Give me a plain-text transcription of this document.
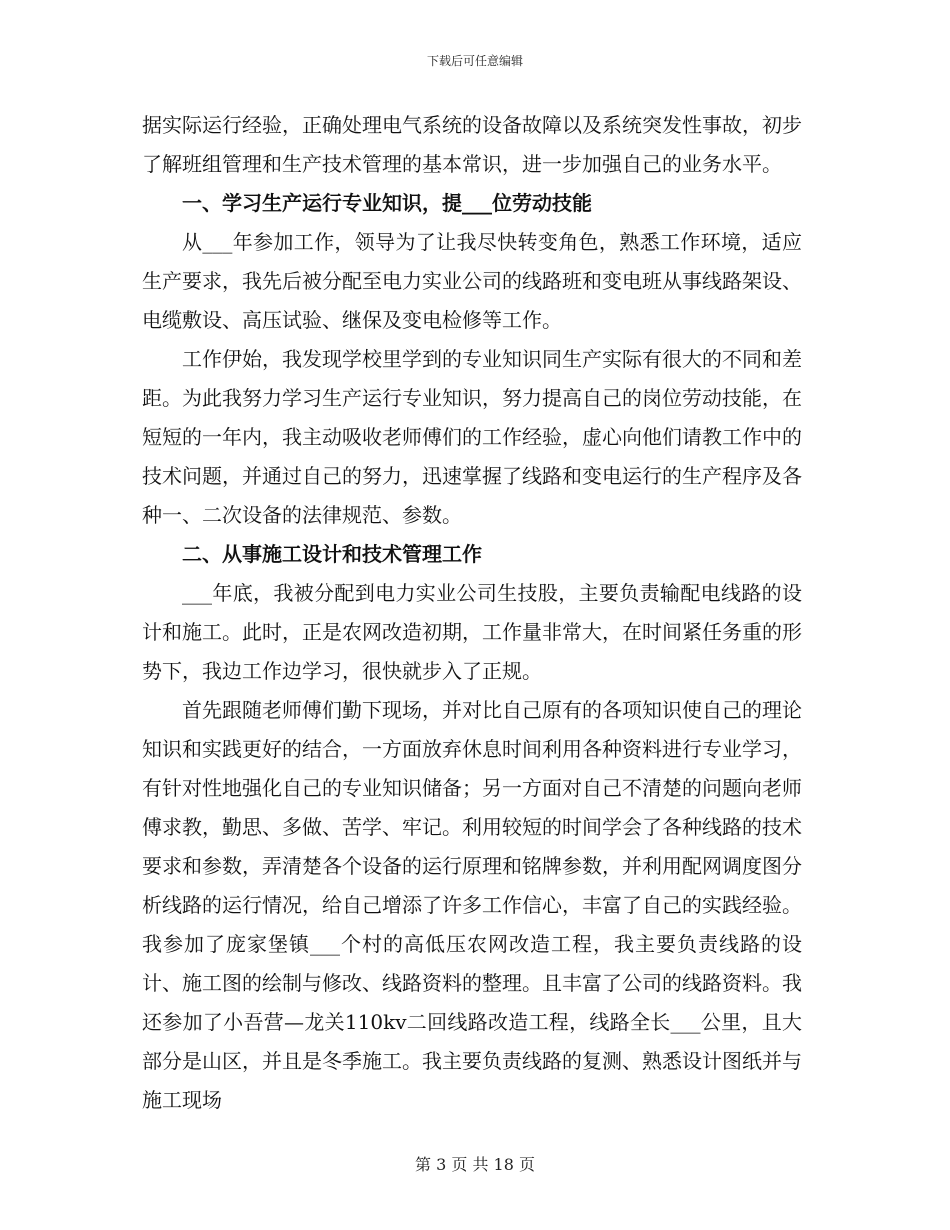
下载后可任意编辑

据实际运行经验，正确处理电气系统的设备故障以及系统突发性事故，初步了解班组管理和生产技术管理的基本常识，进一步加强自己的业务水平。

一、学习生产运行专业知识，提___位劳动技能

从___年参加工作，领导为了让我尽快转变角色，熟悉工作环境，适应生产要求，我先后被分配至电力实业公司的线路班和变电班从事线路架设、电缆敷设、高压试验、继保及变电检修等工作。

工作伊始，我发现学校里学到的专业知识同生产实际有很大的不同和差距。为此我努力学习生产运行专业知识，努力提高自己的岗位劳动技能，在短短的一年内，我主动吸收老师傅们的工作经验，虚心向他们请教工作中的技术问题，并通过自己的努力，迅速掌握了线路和变电运行的生产程序及各种一、二次设备的法律规范、参数。

二、从事施工设计和技术管理工作

___年底，我被分配到电力实业公司生技股，主要负责输配电线路的设计和施工。此时，正是农网改造初期，工作量非常大，在时间紧任务重的形势下，我边工作边学习，很快就步入了正规。

首先跟随老师傅们勤下现场，并对比自己原有的各项知识使自己的理论知识和实践更好的结合，一方面放弃休息时间利用各种资料进行专业学习，有针对性地强化自己的专业知识储备；另一方面对自己不清楚的问题向老师傅求教，勤思、多做、苦学、牢记。利用较短的时间学会了各种线路的技术要求和参数，弄清楚各个设备的运行原理和铭牌参数，并利用配网调度图分析线路的运行情况，给自己增添了许多工作信心，丰富了自己的实践经验。我参加了庞家堡镇___个村的高低压农网改造工程，我主要负责线路的设计、施工图的绘制与修改、线路资料的整理。且丰富了公司的线路资料。我还参加了小吾营—龙关110kv二回线路改造工程，线路全长___公里，且大部分是山区，并且是冬季施工。我主要负责线路的复测、熟悉设计图纸并与施工现场

第 3 页 共 18 页
